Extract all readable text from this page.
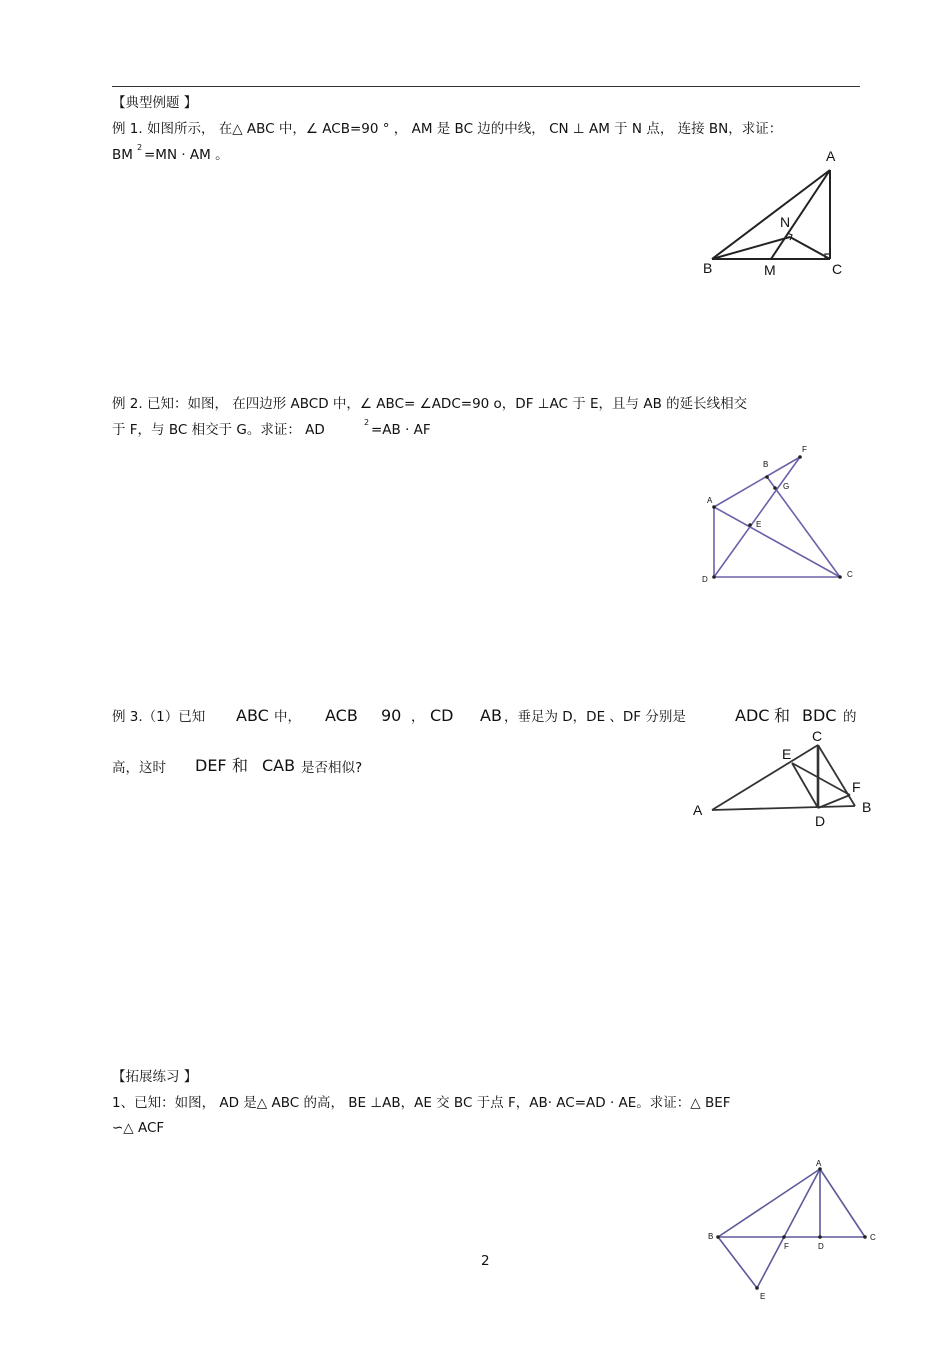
【典型例题 】
例 1. 如图所示， 在△ ABC 中，∠ ACB=90 ° ， AM 是 BC 边的中线， CN ⊥ AM 于 N 点， 连接 BN，求证：
BM 2 =MN · AM 。	A
N
B	M	C
例 2. 已知：如图， 在四边形 ABCD 中，∠ ABC= ∠ADC=90 o，DF ⊥AC 于 E，且与 AB 的延长线相交
于 F，与 BC 相交于 G。求证： AD	2 =AB · AF
F
B
G
A
E
D
C
例 3.（1）已知 ABC 中， ACB 90 ， CD AB ，垂足为 D，DE 、DF 分别是	ADC 和 BDC 的
高，这时 DEF 和 CAB 是否相似?
C
E
F
A	B
D
【拓展练习 】
1、已知：如图， AD 是△ ABC 的高， BE ⊥AB，AE 交 BC 于点 F，AB· AC=AD · AE。求证：△ BEF
∽△ ACF
A
B
F	D
C
E
2
